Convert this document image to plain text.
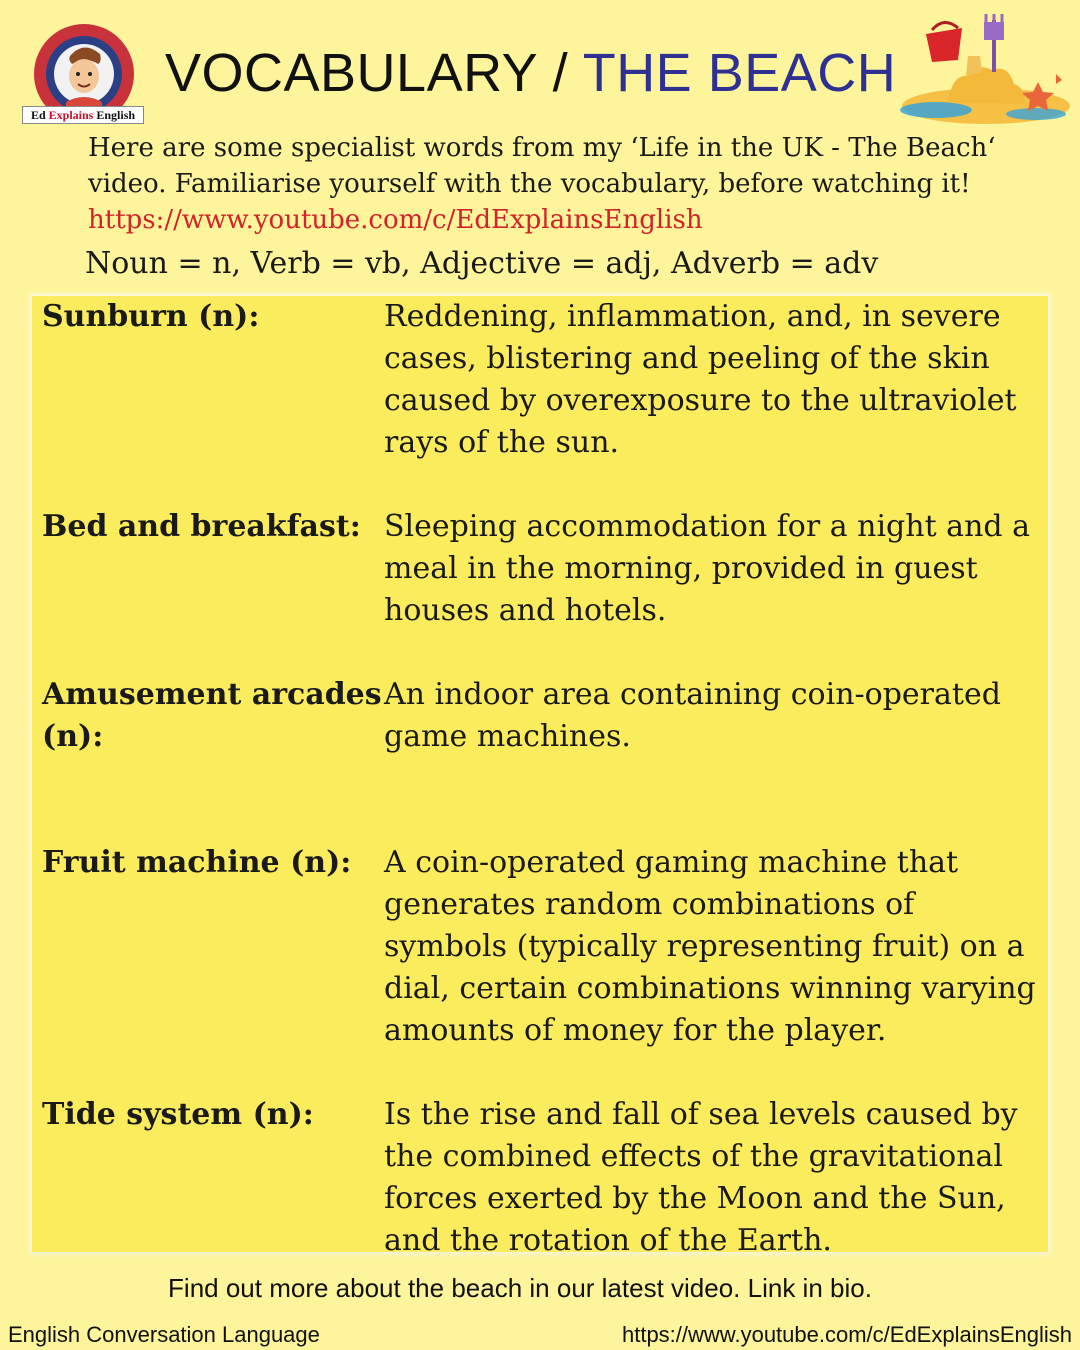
Ed Explains English
VOCABULARY / THE BEACH
Here are some specialist words from my ‘Life in the UK - The Beach‘ video. Familiarise yourself with the vocabulary, before watching it!
https://www.youtube.com/c/EdExplainsEnglish
Noun = n, Verb = vb, Adjective = adj, Adverb = adv
Sunburn (n):	Reddening, inflammation, and, in severe cases, blistering and peeling of the skin caused by overexposure to the ultraviolet rays of the sun.
Bed and breakfast: Sleeping accommodation for a night and a meal in the morning, provided in guest houses and hotels.
Amusement arcades (n):
An indoor area containing coin-operated game machines.
Fruit machine (n):	A coin-operated gaming machine that generates random combinations of symbols (typically representing fruit) on a dial, certain combinations winning varying amounts of money for the player.
Tide system (n):	Is the rise and fall of sea levels caused by the combined effects of the gravitational forces exerted by the Moon and the Sun, and the rotation of the Earth.
Find out more about the beach in our latest video. Link in bio.
English Conversation Language	https://www.youtube.com/c/EdExplainsEnglish
